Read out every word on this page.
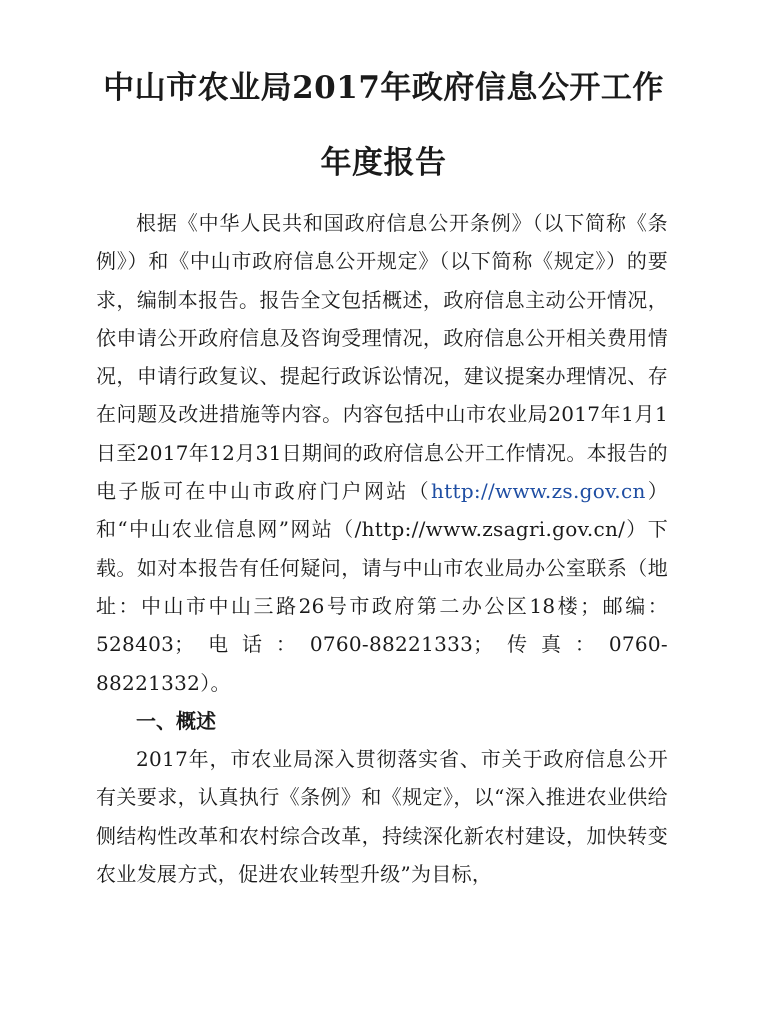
中山市农业局2017年政府信息公开工作
年度报告

根据《中华人民共和国政府信息公开条例》（以下简称《条例》）和《中山市政府信息公开规定》（以下简称《规定》）的要求，编制本报告。报告全文包括概述，政府信息主动公开情况，依申请公开政府信息及咨询受理情况，政府信息公开相关费用情况，申请行政复议、提起行政诉讼情况，建议提案办理情况、存在问题及改进措施等内容。内容包括中山市农业局2017年1月1日至2017年12月31日期间的政府信息公开工作情况。本报告的电子版可在中山市政府门户网站（http://www.zs.gov.cn）和“中山农业信息网”网站（/http://www.zsagri.gov.cn/）下载。如对本报告有任何疑问，请与中山市农业局办公室联系（地址：中山市中山三路26号市政府第二办公区18楼；邮编：528403；电话：0760-88221333；传真：0760-88221332）。

一、概述

2017年，市农业局深入贯彻落实省、市关于政府信息公开有关要求，认真执行《条例》和《规定》，以“深入推进农业供给侧结构性改革和农村综合改革，持续深化新农村建设，加快转变农业发展方式，促进农业转型升级”为目标，
